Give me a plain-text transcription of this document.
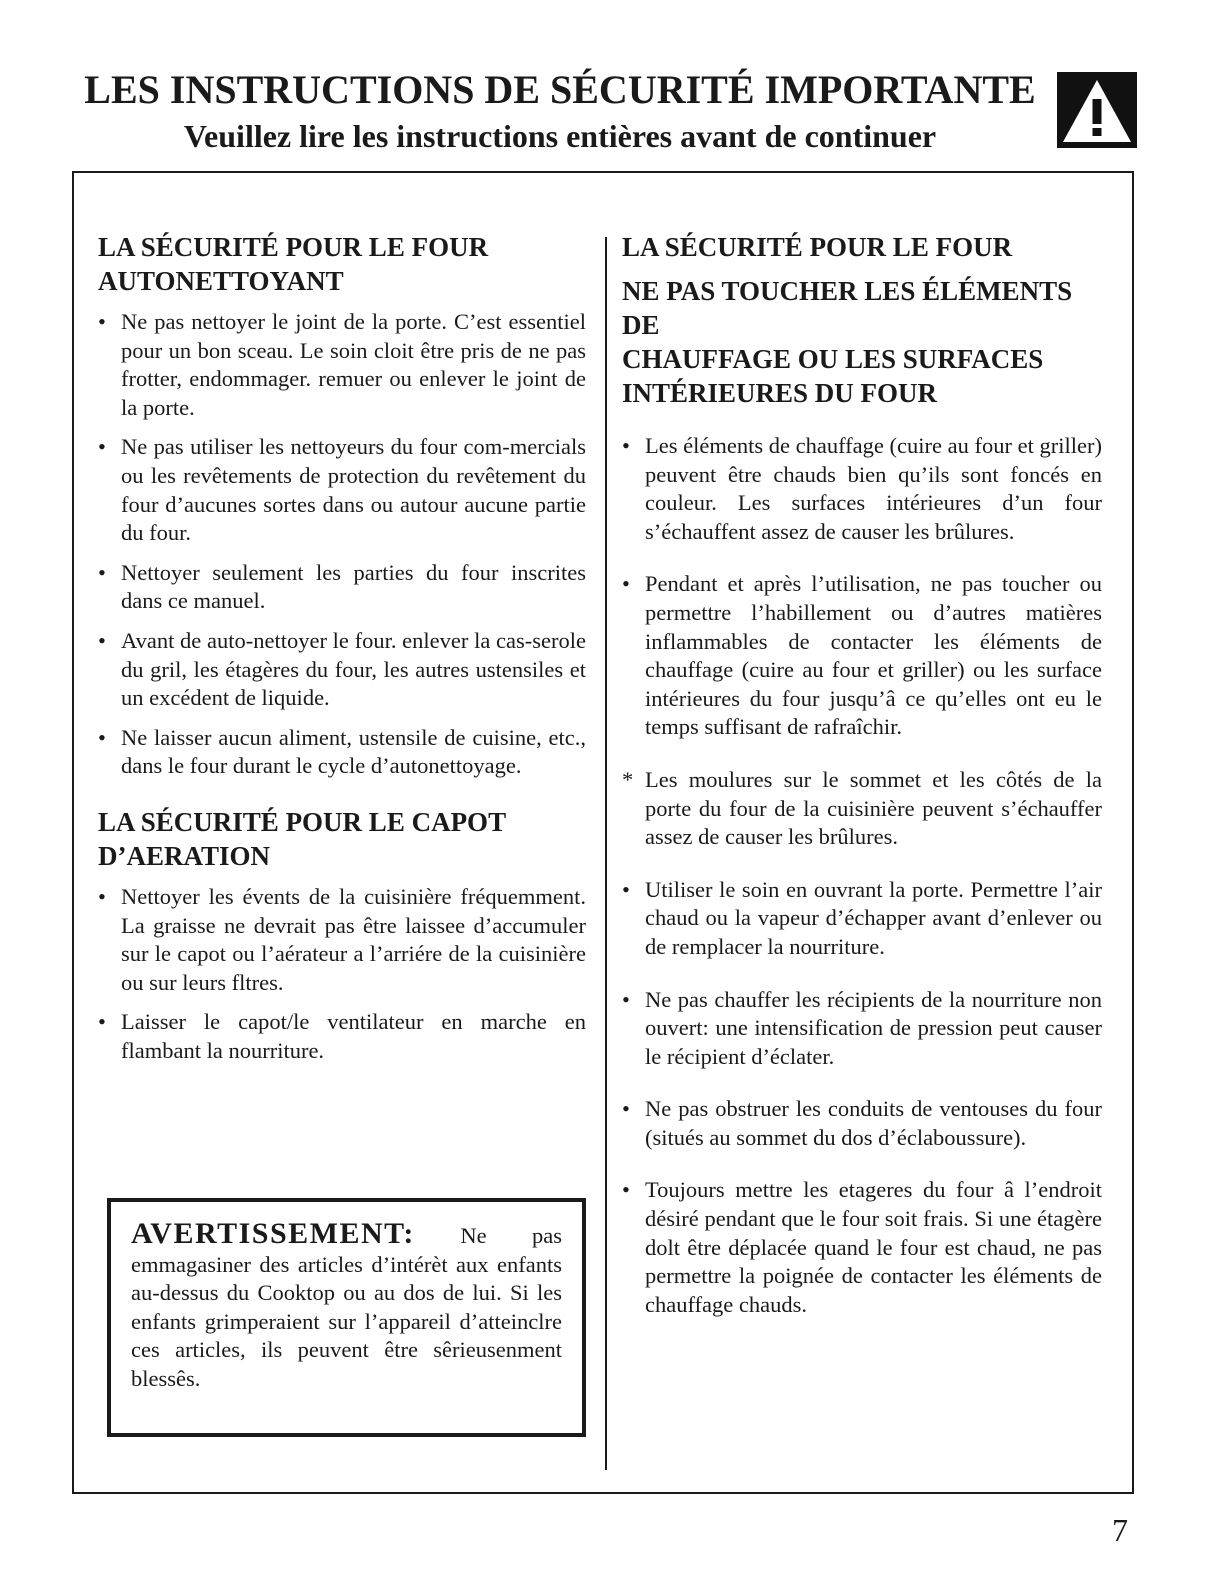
LES INSTRUCTIONS DE SÉCURITÉ IMPORTANTE
Veuillez lire les instructions entières avant de continuer
LA SÉCURITÉ POUR LE FOUR
AUTONETTOYANT
• Ne pas nettoyer le joint de la porte. C’est essentiel pour un bon sceau. Le soin cloit être pris de ne pas frotter, endommager. remuer ou enlever le joint de la porte.
• Ne pas utiliser les nettoyeurs du four com-mercials ou les revêtements de protection du revêtement du four d’aucunes sortes dans ou autour aucune partie du four.
• Nettoyer seulement les parties du four inscrites dans ce manuel.
• Avant de auto-nettoyer le four. enlever la cas-serole du gril, les étagères du four, les autres ustensiles et un excédent de liquide.
• Ne laisser aucun aliment, ustensile de cuisine, etc., dans le four durant le cycle d’autonettoyage.
LA SÉCURITÉ POUR LE CAPOT
D’AERATION
• Nettoyer les évents de la cuisinière fréquemment. La graisse ne devrait pas être laissee d’accumuler sur le capot ou l’aérateur a l’arriére de la cuisinière ou sur leurs fltres.
• Laisser le capot/le ventilateur en marche en flambant la nourriture.

AVERTISSEMENT: Ne pas emmagasiner des articles d’intérèt aux enfants au-dessus du Cooktop ou au dos de lui. Si les enfants grimperaient sur l’appareil d’atteinclre ces articles, ils peuvent être sêrieusenment blessês.

LA SÉCURITÉ POUR LE FOUR
NE PAS TOUCHER LES ÉLÉMENTS DE
CHAUFFAGE OU LES SURFACES
INTÉRIEURES DU FOUR
• Les éléments de chauffage (cuire au four et griller) peuvent être chauds bien qu’ils sont foncés en couleur. Les surfaces intérieures d’un four s’échauffent assez de causer les brûlures.
• Pendant et après l’utilisation, ne pas toucher ou permettre l’habillement ou d’autres matières inflammables de contacter les éléments de chauffage (cuire au four et griller) ou les surface intérieures du four jusqu’â ce qu’elles ont eu le temps suffisant de rafraîchir.
* Les moulures sur le sommet et les côtés de la porte du four de la cuisinière peuvent s’échauffer assez de causer les brûlures.
• Utiliser le soin en ouvrant la porte. Permettre l’air chaud ou la vapeur d’échapper avant d’enlever ou de remplacer la nourriture.
• Ne pas chauffer les récipients de la nourriture non ouvert: une intensification de pression peut causer le récipient d’éclater.
• Ne pas obstruer les conduits de ventouses du four (situés au sommet du dos d’éclaboussure).
• Toujours mettre les etageres du four â l’endroit désiré pendant que le four soit frais. Si une étagère dolt être déplacée quand le four est chaud, ne pas permettre la poignée de contacter les éléments de chauffage chauds.
7
